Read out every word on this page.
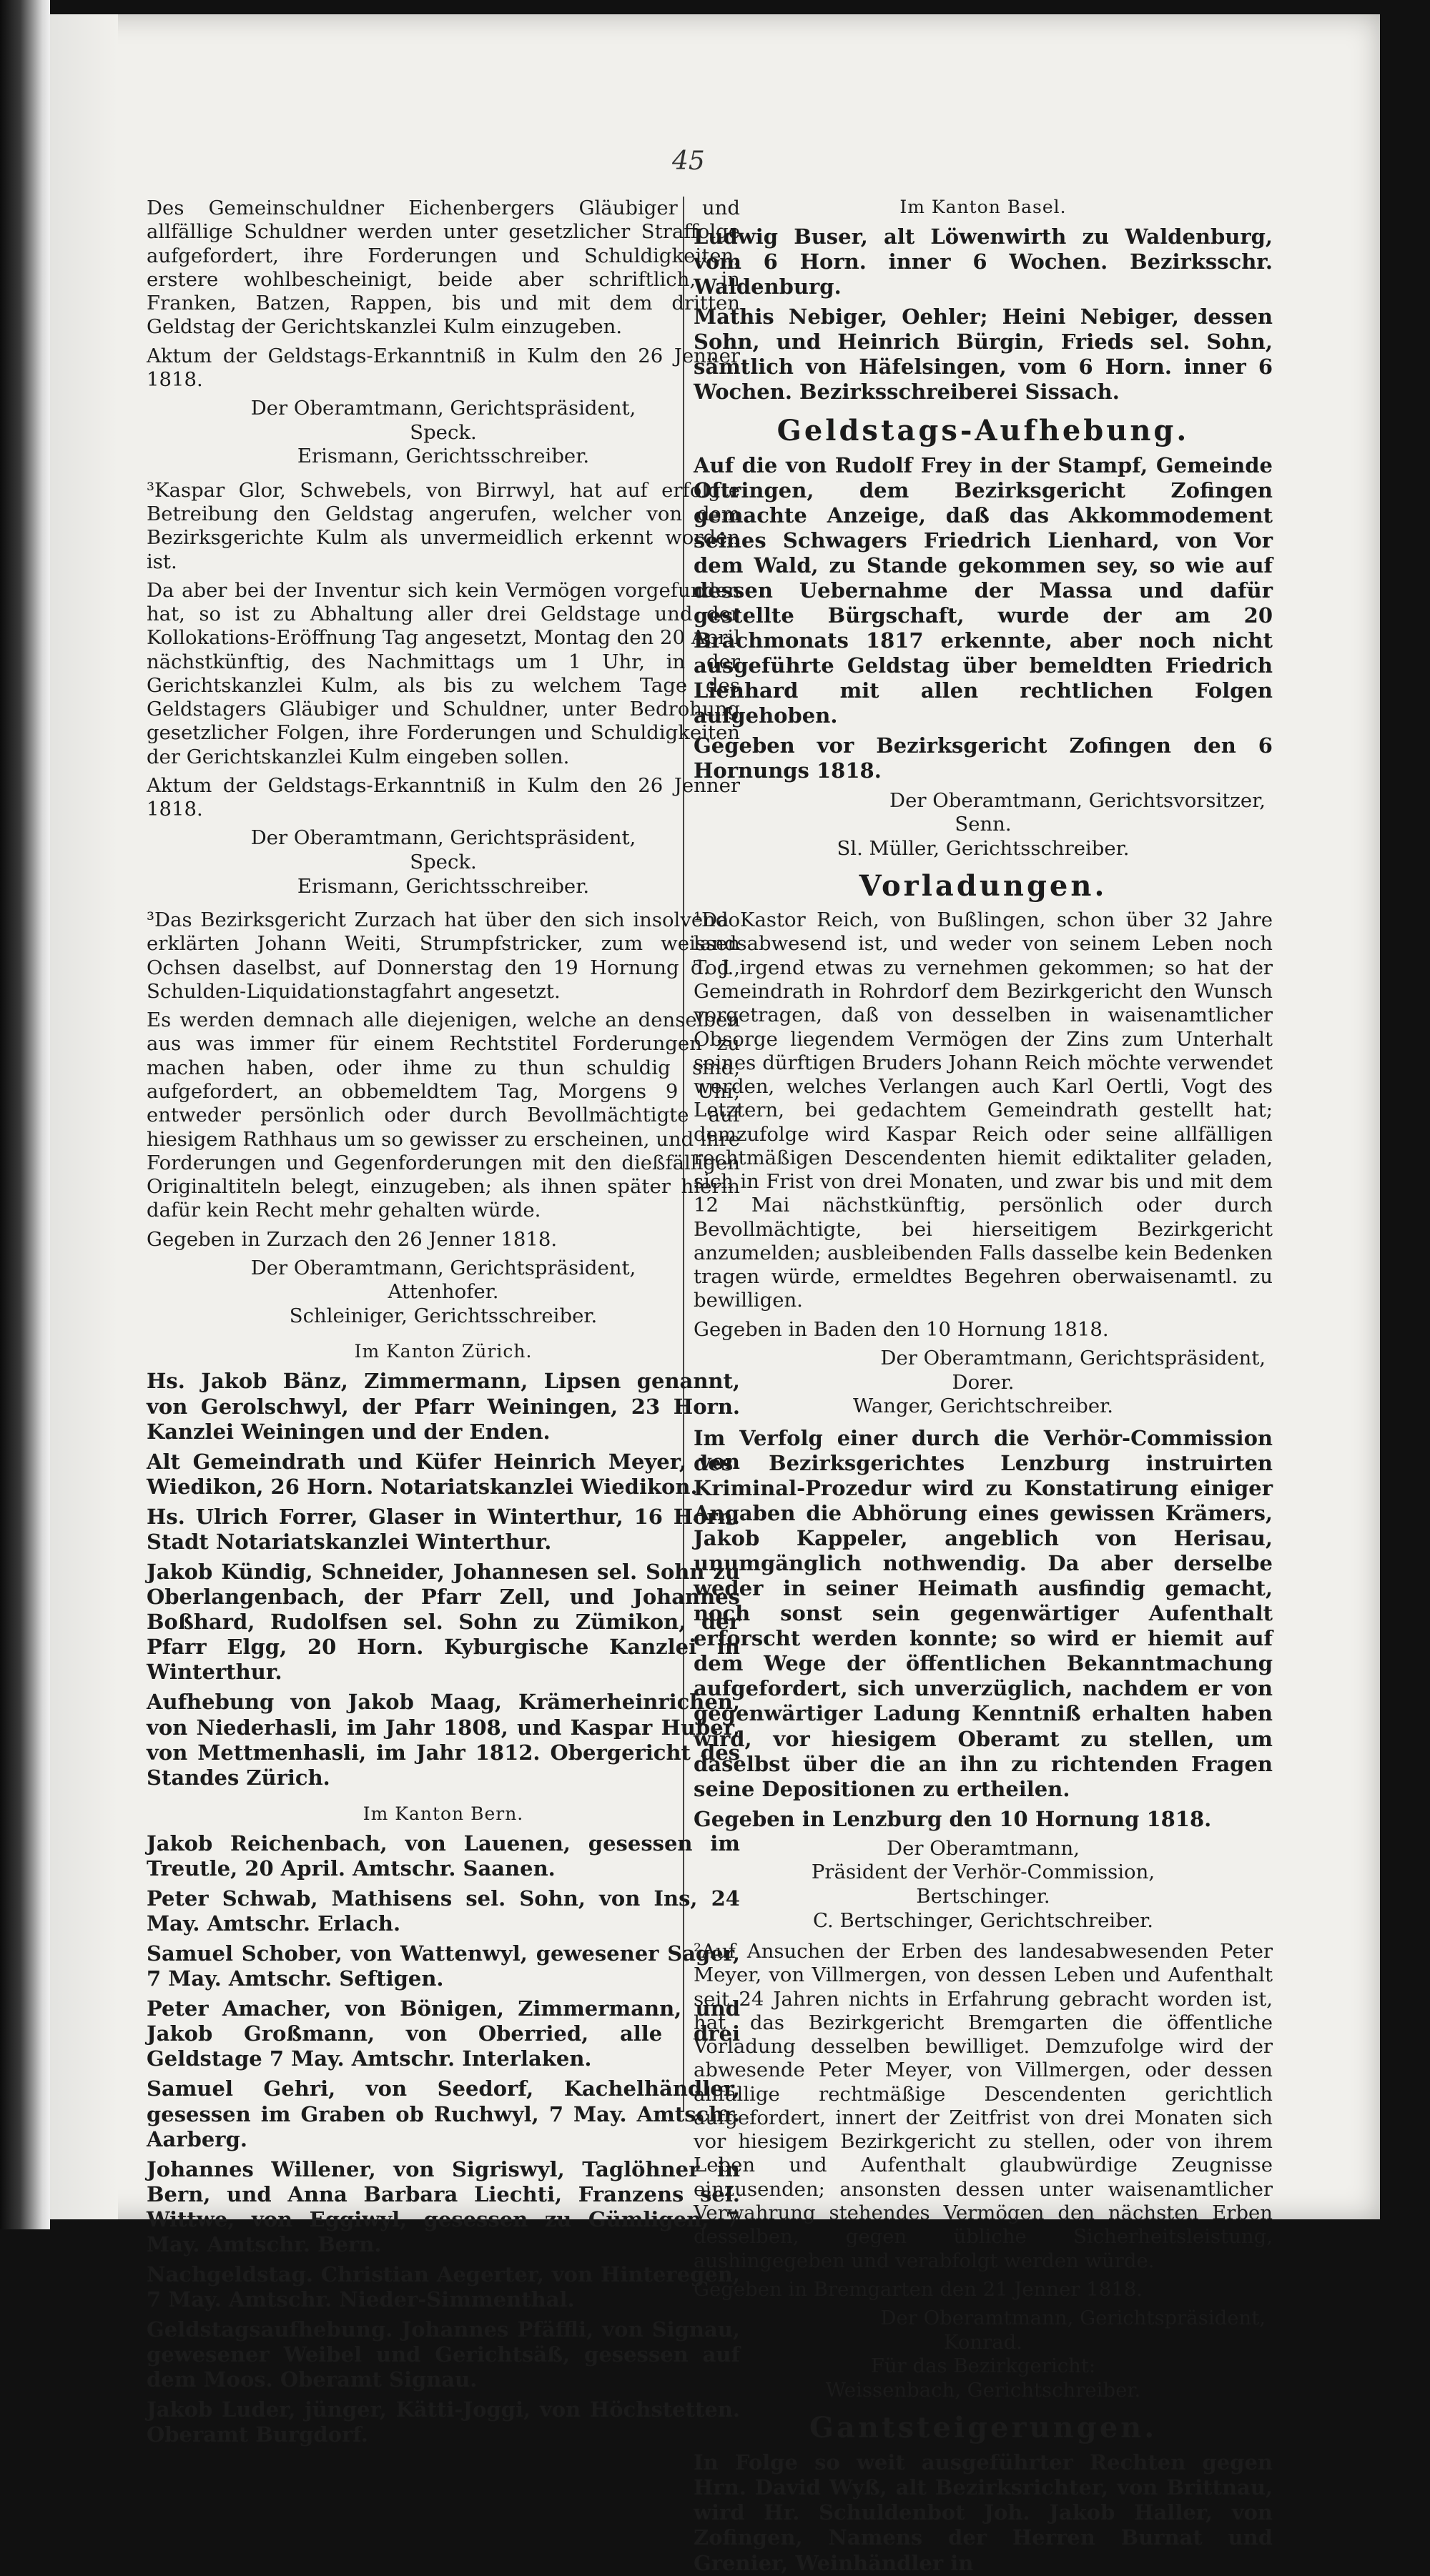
45

Des Gemeinschuldner Eichenbergers Gläubiger und allfällige Schuldner werden unter gesetzlicher Straffolge aufgefordert, ihre Forderungen und Schuldigkeiten, erstere wohlbescheinigt, beide aber schriftlich, in Franken, Batzen, Rappen, bis und mit dem dritten Geldstag der Gerichtskanzlei Kulm einzugeben.

Aktum der Geldstags-Erkanntniß in Kulm den 26 Jenner 1818.

Der Oberamtmann, Gerichtspräsident,

Speck.

Erismann, Gerichtsschreiber.

³Kaspar Glor, Schwebels, von Birrwyl, hat auf erfolgte Betreibung den Geldstag angerufen, welcher von dem Bezirksgerichte Kulm als unvermeidlich erkennt worden ist.

Da aber bei der Inventur sich kein Vermögen vorgefunden hat, so ist zu Abhaltung aller drei Geldstage und der Kollokations-Eröffnung Tag angesetzt, Montag den 20 April nächstkünftig, des Nachmittags um 1 Uhr, in der Gerichtskanzlei Kulm, als bis zu welchem Tage des Geldstagers Gläubiger und Schuldner, unter Bedrohung gesetzlicher Folgen, ihre Forderungen und Schuldigkeiten der Gerichtskanzlei Kulm eingeben sollen.

Aktum der Geldstags-Erkanntniß in Kulm den 26 Jenner 1818.

Der Oberamtmann, Gerichtspräsident,

Speck.

Erismann, Gerichtsschreiber.

³Das Bezirksgericht Zurzach hat über den sich insolvendo erklärten Johann Weiti, Strumpfstricker, zum weissen Ochsen daselbst, auf Donnerstag den 19 Hornung d. J., Schulden-Liquidationstagfahrt angesetzt.

Es werden demnach alle diejenigen, welche an denselben aus was immer für einem Rechtstitel Forderungen zu machen haben, oder ihme zu thun schuldig sind, aufgefordert, an obbemeldtem Tag, Morgens 9 Uhr, entweder persönlich oder durch Bevollmächtigte auf hiesigem Rathhaus um so gewisser zu erscheinen, und ihre Forderungen und Gegenforderungen mit den dießfälligen Originaltiteln belegt, einzugeben; als ihnen später hierin dafür kein Recht mehr gehalten würde.

Gegeben in Zurzach den 26 Jenner 1818.

Der Oberamtmann, Gerichtspräsident,

Attenhofer.

Schleiniger, Gerichtsschreiber.

Im Kanton Zürich.

Hs. Jakob Bänz, Zimmermann, Lipsen genannt, von Gerolschwyl, der Pfarr Weiningen, 23 Horn. Kanzlei Weiningen und der Enden.

Alt Gemeindrath und Küfer Heinrich Meyer, von Wiedikon, 26 Horn. Notariatskanzlei Wiedikon.

Hs. Ulrich Forrer, Glaser in Winterthur, 16 Horn. Stadt Notariatskanzlei Winterthur.

Jakob Kündig, Schneider, Johannesen sel. Sohn zu Oberlangenbach, der Pfarr Zell, und Johannes Boßhard, Rudolfsen sel. Sohn zu Zümikon, der Pfarr Elgg, 20 Horn. Kyburgische Kanzlei in Winterthur.

Aufhebung von Jakob Maag, Krämerheinrichen, von Niederhasli, im Jahr 1808, und Kaspar Huber, von Mettmenhasli, im Jahr 1812. Obergericht des Standes Zürich.

Im Kanton Bern.

Jakob Reichenbach, von Lauenen, gesessen im Treutle, 20 April. Amtschr. Saanen.

Peter Schwab, Mathisens sel. Sohn, von Ins, 24 May. Amtschr. Erlach.

Samuel Schober, von Wattenwyl, gewesener Sager, 7 May. Amtschr. Seftigen.

Peter Amacher, von Bönigen, Zimmermann, und Jakob Großmann, von Oberried, alle drei Geldstage 7 May. Amtschr. Interlaken.

Samuel Gehri, von Seedorf, Kachelhändler, gesessen im Graben ob Ruchwyl, 7 May. Amtschr. Aarberg.

Johannes Willener, von Sigriswyl, Taglöhner in Bern, und Anna Barbara Liechti, Franzens sel. Wittwe, von Eggiwyl, gesessen zu Gümligen, 7 May. Amtschr. Bern.

Nachgeldstag. Christian Aegerter, von Hinteregen, 7 May. Amtschr. Nieder-Simmenthal.

Geldstagsaufhebung. Johannes Pfäffli, von Signau, gewesener Weibel und Gerichtsäß, gesessen auf dem Moos. Oberamt Signau.

Jakob Luder, jünger, Kätti-Joggi, von Höchstetten. Oberamt Burgdorf.

Im Kanton Basel.

Ludwig Buser, alt Löwenwirth zu Waldenburg, vom 6 Horn. inner 6 Wochen. Bezirksschr. Waldenburg.

Mathis Nebiger, Oehler; Heini Nebiger, dessen Sohn, und Heinrich Bürgin, Frieds sel. Sohn, sämtlich von Häfelsingen, vom 6 Horn. inner 6 Wochen. Bezirksschreiberei Sissach.

Geldstags-Aufhebung.

Auf die von Rudolf Frey in der Stampf, Gemeinde Oftringen, dem Bezirksgericht Zofingen gemachte Anzeige, daß das Akkommodement seines Schwagers Friedrich Lienhard, von Vor dem Wald, zu Stande gekommen sey, so wie auf dessen Uebernahme der Massa und dafür gestellte Bürgschaft, wurde der am 20 Brachmonats 1817 erkennte, aber noch nicht ausgeführte Geldstag über bemeldten Friedrich Lienhard mit allen rechtlichen Folgen aufgehoben.

Gegeben vor Bezirksgericht Zofingen den 6 Hornungs 1818.

Der Oberamtmann, Gerichtsvorsitzer,

Senn.

Sl. Müller, Gerichtsschreiber.

Vorladungen.

¹Da Kastor Reich, von Bußlingen, schon über 32 Jahre landsabwesend ist, und weder von seinem Leben noch Tod irgend etwas zu vernehmen gekommen; so hat der Gemeindrath in Rohrdorf dem Bezirkgericht den Wunsch vorgetragen, daß von desselben in waisenamtlicher Obsorge liegendem Vermögen der Zins zum Unterhalt seines dürftigen Bruders Johann Reich möchte verwendet werden, welches Verlangen auch Karl Oertli, Vogt des Letztern, bei gedachtem Gemeindrath gestellt hat; demzufolge wird Kaspar Reich oder seine allfälligen rechtmäßigen Descendenten hiemit ediktaliter geladen, sich in Frist von drei Monaten, und zwar bis und mit dem 12 Mai nächstkünftig, persönlich oder durch Bevollmächtigte, bei hierseitigem Bezirkgericht anzumelden; ausbleibenden Falls dasselbe kein Bedenken tragen würde, ermeldtes Begehren oberwaisenamtl. zu bewilligen.

Gegeben in Baden den 10 Hornung 1818.

Der Oberamtmann, Gerichtspräsident,

Dorer.

Wanger, Gerichtschreiber.

Im Verfolg einer durch die Verhör-Commission des Bezirksgerichtes Lenzburg instruirten Kriminal-Prozedur wird zu Konstatirung einiger Angaben die Abhörung eines gewissen Krämers, Jakob Kappeler, angeblich von Herisau, unumgänglich nothwendig. Da aber derselbe weder in seiner Heimath ausfindig gemacht, noch sonst sein gegenwärtiger Aufenthalt erforscht werden konnte; so wird er hiemit auf dem Wege der öffentlichen Bekanntmachung aufgefordert, sich unverzüglich, nachdem er von gegenwärtiger Ladung Kenntniß erhalten haben wird, vor hiesigem Oberamt zu stellen, um daselbst über die an ihn zu richtenden Fragen seine Depositionen zu ertheilen.

Gegeben in Lenzburg den 10 Hornung 1818.

Der Oberamtmann,

Präsident der Verhör-Commission,

Bertschinger.

C. Bertschinger, Gerichtschreiber.

²Auf Ansuchen der Erben des landesabwesenden Peter Meyer, von Villmergen, von dessen Leben und Aufenthalt seit 24 Jahren nichts in Erfahrung gebracht worden ist, hat das Bezirkgericht Bremgarten die öffentliche Vorladung desselben bewilliget. Demzufolge wird der abwesende Peter Meyer, von Villmergen, oder dessen allfällige rechtmäßige Descendenten gerichtlich aufgefordert, innert der Zeitfrist von drei Monaten sich vor hiesigem Bezirkgericht zu stellen, oder von ihrem Leben und Aufenthalt glaubwürdige Zeugnisse einzusenden; ansonsten dessen unter waisenamtlicher Verwahrung stehendes Vermögen den nächsten Erben desselben, gegen übliche Sicherheitsleistung, aushingegeben und verabfolgt werden würde.

Gegeben in Bremgarten den 21 Jenner 1818.

Der Oberamtmann, Gerichtspräsident,

Konrad.

Für das Bezirkgericht:

Weissenbach, Gerichtschreiber.

Gantsteigerungen.

In Folge so weit ausgeführter Rechten gegen Hrn. David Wyß, alt Bezirksrichter, von Brittnau, wird Hr. Schuldenbot Joh. Jakob Haller, von Zofingen, Namens der Herren Burnat und Grenier, Weinhändler in
